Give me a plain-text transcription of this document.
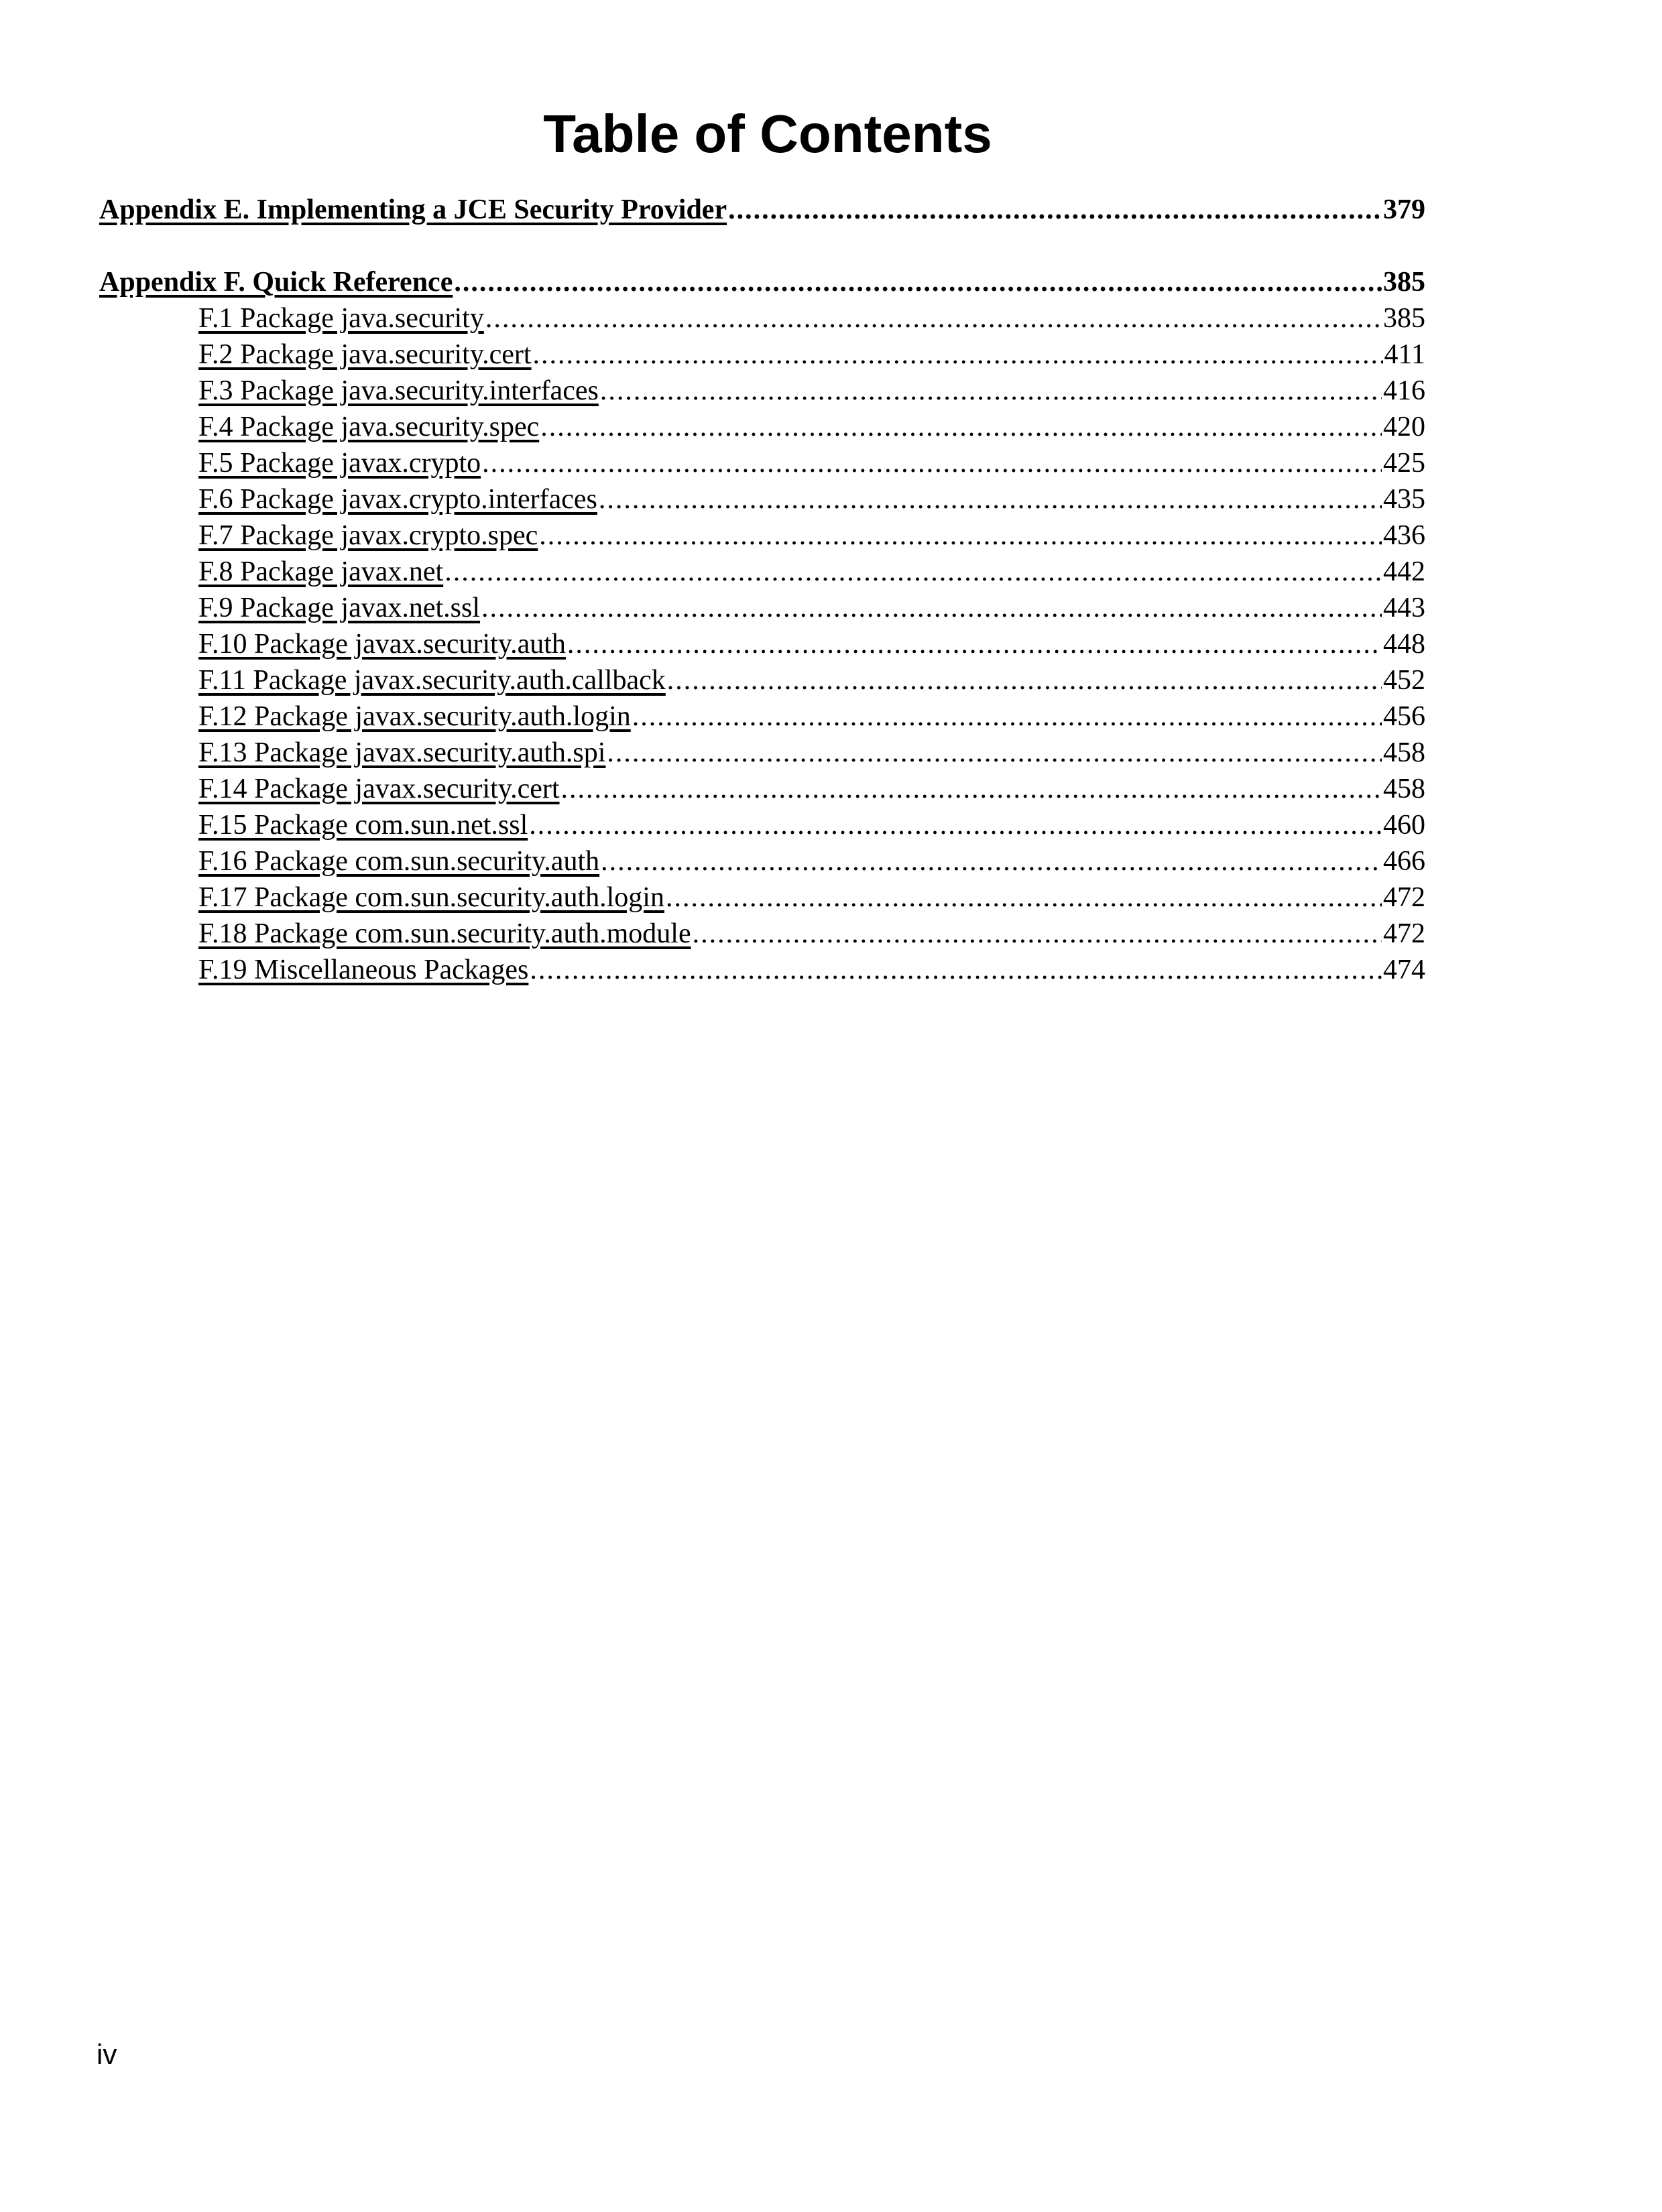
Table of Contents
Appendix E. Implementing a JCE Security Provider .....	379
Appendix F. Quick Reference .....	385
F.1 Package java.security .....	385
F.2 Package java.security.cert .....	411
F.3 Package java.security.interfaces .....	416
F.4 Package java.security.spec .....	420
F.5 Package javax.crypto .....	425
F.6 Package javax.crypto.interfaces .....	435
F.7 Package javax.crypto.spec .....	436
F.8 Package javax.net .....	442
F.9 Package javax.net.ssl .....	443
F.10 Package javax.security.auth .....	448
F.11 Package javax.security.auth.callback .....	452
F.12 Package javax.security.auth.login .....	456
F.13 Package javax.security.auth.spi .....	458
F.14 Package javax.security.cert .....	458
F.15 Package com.sun.net.ssl .....	460
F.16 Package com.sun.security.auth .....	466
F.17 Package com.sun.security.auth.login .....	472
F.18 Package com.sun.security.auth.module .....	472
F.19 Miscellaneous Packages .....	474
iv
